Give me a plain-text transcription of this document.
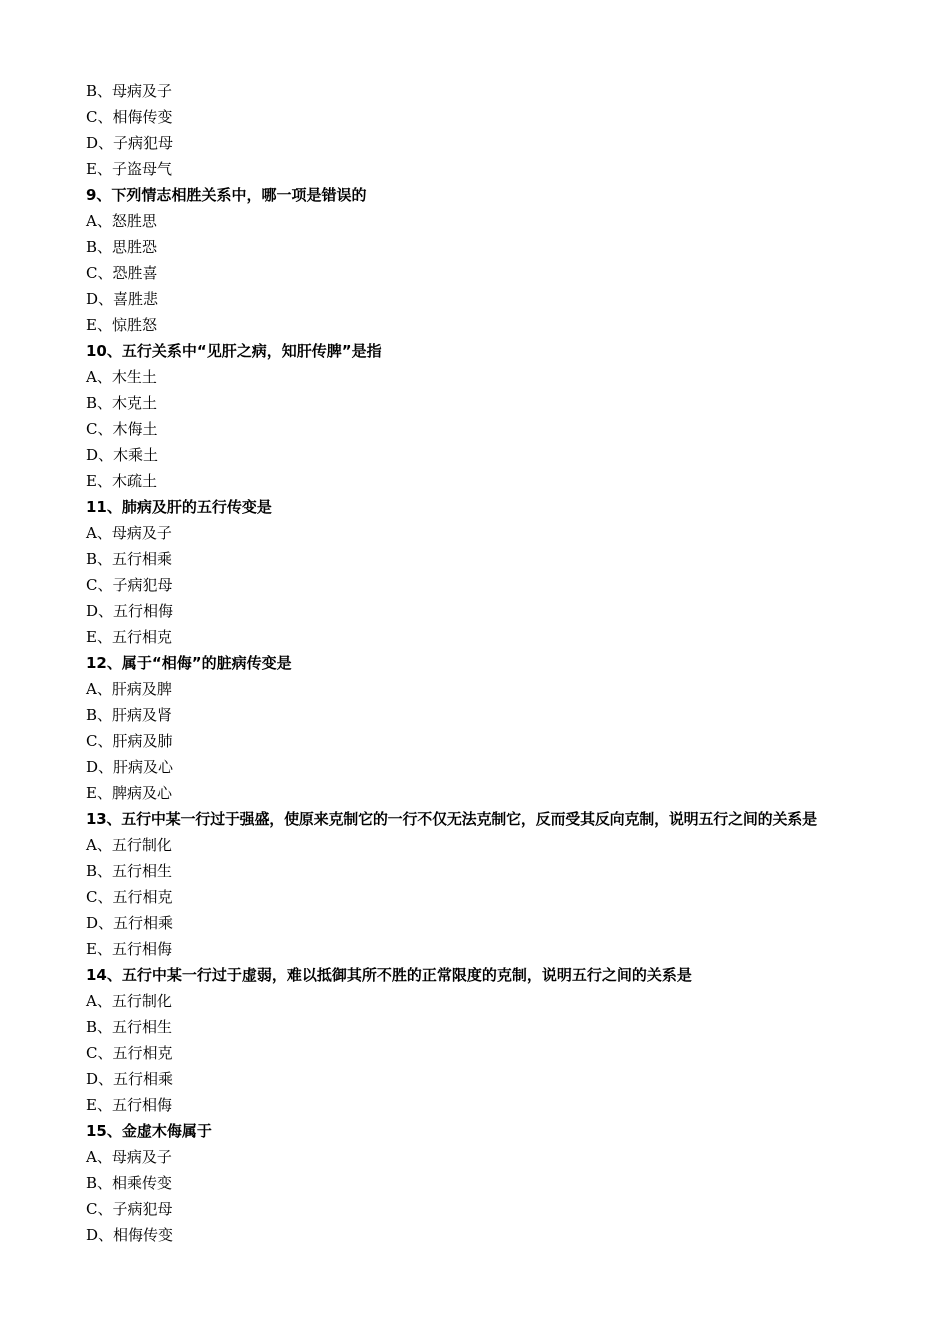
B、母病及子
C、相侮传变
D、子病犯母
E、子盗母气
9、下列情志相胜关系中，哪一项是错误的
A、怒胜思
B、思胜恐
C、恐胜喜
D、喜胜悲
E、惊胜怒
10、五行关系中“见肝之病，知肝传脾”是指
A、木生土
B、木克土
C、木侮土
D、木乘土
E、木疏土
11、肺病及肝的五行传变是
A、母病及子
B、五行相乘
C、子病犯母
D、五行相侮
E、五行相克
12、属于“相侮”的脏病传变是
A、肝病及脾
B、肝病及肾
C、肝病及肺
D、肝病及心
E、脾病及心
13、五行中某一行过于强盛，使原来克制它的一行不仅无法克制它，反而受其反向克制，说明五行之间的关系是
A、五行制化
B、五行相生
C、五行相克
D、五行相乘
E、五行相侮
14、五行中某一行过于虚弱，难以抵御其所不胜的正常限度的克制，说明五行之间的关系是
A、五行制化
B、五行相生
C、五行相克
D、五行相乘
E、五行相侮
15、金虚木侮属于
A、母病及子
B、相乘传变
C、子病犯母
D、相侮传变
